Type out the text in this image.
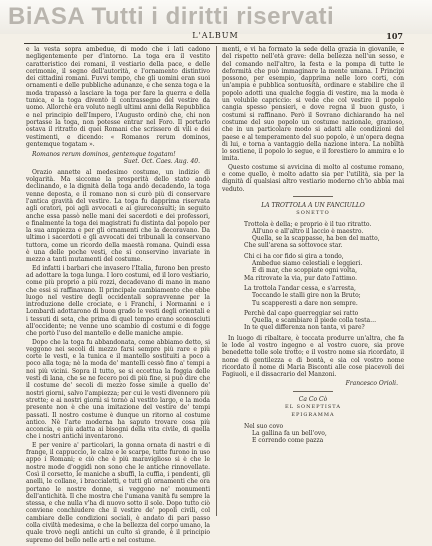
BiASA Tutti i diritti riservati
L'ALBUM	107

e la vesta sopra ambedue, di modo che i lati cadono negligentemente per d'intorno. La toga era il vestito caratteristico dei romani, il vestiario della pace, e delle cerimonie, il segno dell'autorità, e l'ornamento distintivo dei cittadini romani. Fuvvi tempo, che gli uomini eran suoi ornamenti e delle pubbliche adunanze, e che senza toga e la moda trapassò a lasciare la toga per fare la guerra e della tunica, e la toga diventò il contrassegno del vestire da uomo. Allorchè era voluto negli ultimi anni della Repubblica e nel principio dell'Impero, l'Augusto ordinò che, chi non portasse la toga, non potesse entrar nel Foro. Il portarlo ostava il ritratto di quei Romani che scrissero di vili e dei vestimenti, e dicendo: « Romanos rerum dominos, gentemque togatam ».

Romanos rerum dominos, gentemque togatam!
Suet. Oct. Caes. Aug. 40.

Orazio annette al medesimo costume, un indizio di volgarità. Ma siccome la prosperità dello stato andò declinando, e la dignità della toga andò decadendo, la toga venne deposta, e il romano non si curò più di conservare l'antica gravità del vestire. La toga fu dapprima riservata agli oratori, poi agli avvocati e ai giureconsulti; in seguito anche essa passò nelle mani dei sacerdoti e dei professori, e finalmente la toga dei magistrati fu distinta dal popolo per la sua ampiezza e per gli ornamenti che la decoravano. Da ultimo i sacerdoti e gli avvocati dei tribunali la conservano tuttora, come un ricordo della maestà romana. Quindi essa è una delle poche vesti, che si conservino invariate in mezzo a tanti mutamenti del costume.

Ed infatti i barbari che invasero l'Italia, furono ben presto ad adottare la toga lunga. I loro costumi, ed il loro vestiario, come più proprio a più rozzi, decadevano di mano in mano che essi si raffinavano. Il principale cambiamento che ebbe luogo nel vestire degli occidentali sopravvenne per la introduzione delle crociate, e i Franchi, i Normanni e i Lombardi adottarono di buon grado le vesti degli orientali e i tessuti di seta, che prima di quel tempo erano sconosciuti all'occidente; ne venne uno scambio di costumi e di fogge che portò l'uso del mantello e delle maniche ampie.

Dopo che la toga fu abbandonata, come abbiamo detto, si veggono nei secoli di mezzo farsi sempre più rare e più corte le vesti, e la tunica e il mantello sostituiti a poco a poco alla toga; nè la moda de' mantelli cessò fino a' tempi a noi più vicini. Sopra il tutto, se si eccettua la foggia delle vesti di lana, che se ne fecero poi di più fine, si può dire che il costume de' secoli di mezzo fosse simile a quello de' nostri giorni, salvo l'ampiezza; per cui le vesti divennero più strette; e ai nostri giorni si tornò al vestito largo, e la moda presente non è che una imitazione del vestire de' tempi passati. Il nostro costume è dunque un ritorno al costume antico. Nè l'arte moderna ha saputo trovare cosa più acconcia, e più adatta ai bisogni della vita civile, di quella che i nostri antichi inventarono.

E per venire a' particolari, la gonna ornata di nastri e di frange, il cappuccio, le calze e le scarpe, tutte furono in uso appo i Romani; e ciò che è più maraviglioso si è che le nostre mode d'oggidì non sono che le antiche rinnovellate. Così il corsetto, le maniche a sbuffi, la cuffia, i pendenti, gli anelli, le collane, i braccialetti, e tutti gli ornamenti che ora portano le nostre donne, si veggono ne' monumenti dell'antichità. Il che mostra che l'umana vanità fu sempre la stessa, e che nulla v'ha di nuovo sotto il sole. Dopo tutto ciò conviene conchiudere che il vestire de' popoli civili, col cambiare delle condizioni sociali, è andato di pari passo colla civiltà medesima, e che la bellezza del corpo umano, la quale trovò negli antichi un culto sì grande, è il principio supremo del bello nelle arti e nel costume.

menti, e vi ha formato la sede della grazia in giovanile, e del rispetto nell'età grave: della bellezza nell'un sesso, e del comando nell'altro, la festa e la pompa di tutte le deformità che può immaginare la mente umana. I Principi possono, per esempio, dapprima nelle loro corti, con un'ampia e pubblica sontuosità, ordinare e stabilire che il popolo adotti una qualche foggia di vestire, ma la moda è un volubile capriccio: si vede che col vestire il popolo cangia spesso pensieri, e dove regna il buon gusto, i costumi si raffinano. Però il Sovrano dichiarando ha nel costume del suo popolo un costume nazionale, grazioso, che in un particolare modo si adatti alle condizioni del paese e al temperamento del suo popolo, è un'opera degna di lui, e torna a vantaggio della nazione intera. La nobiltà lo sostiene, il popolo lo segue, e il forestiero lo ammira e lo imita.

Questo costume si avvicina di molto al costume romano, e come quello, è molto adatto sia per l'utilità, sia per la dignità di qualsiasi altro vestiario moderno ch'io abbia mai veduto.

LA TROTTOLA A UN FANCIULLO
SONETTO
Trottola è della; e proprio è il tuo ritratto.
All'uno e all'altro il laccio è maestro.
Quella, se la scappasse, ha ben del matto,
Che sull'arena sa sottovoce star.
Chi ci ha cor fido si gira a tondo,
Ambedue siamo celestiali e leggieri.
E di mar, che scoppiate ogni volta,
Ma ritrovate la via, pur dato l'attimo.
La trottola l'andar cessa, e s'arresta,
Toccando le stalli gire non la Bruto;
Tu scapperesti a dare non sempre.
Perchè dal capo guerreggiar sei ratto
Quella, e scambiare il piede colla testa…
In te quel differenza non tanta, vi pare?

In luogo di ribaltare, è toccata produrre un'altra, che fa le lode al vostro ingegno e al vostro cuore, sia prove benedette tolle sole trotto; e il vostro nome sia ricordato, il nome di gentilezza e di bontà, e sia col vostro nome ricordato il nome di Maria Bisconti alle cose piacevoli dei Fagiuoli, e il dissacrario del Manzoni.

Francesco Orioli.
Ca Co Cò
EL SONEPTISTA
EPIGRAMMA
Nel suo covo
La gallina fa un bell'ovo,
E correndo come pazza
